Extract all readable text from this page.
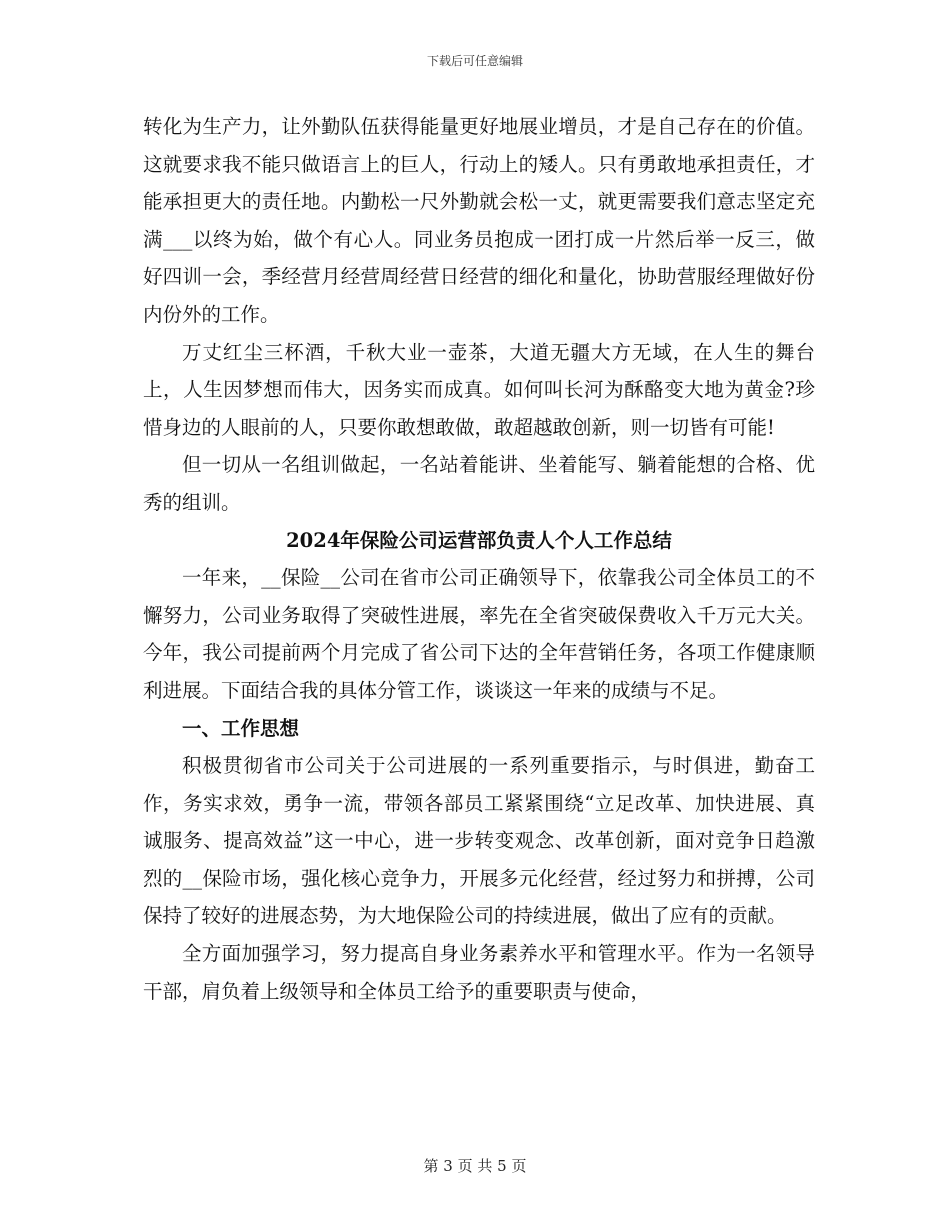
下载后可任意编辑

转化为生产力，让外勤队伍获得能量更好地展业增员，才是自己存在的价值。这就要求我不能只做语言上的巨人，行动上的矮人。只有勇敢地承担责任，才能承担更大的责任地。内勤松一尺外勤就会松一丈，就更需要我们意志坚定充满___以终为始，做个有心人。同业务员抱成一团打成一片然后举一反三，做好四训一会，季经营月经营周经营日经营的细化和量化，协助营服经理做好份内份外的工作。

万丈红尘三杯酒，千秋大业一壶茶，大道无疆大方无域，在人生的舞台上，人生因梦想而伟大，因务实而成真。如何叫长河为酥酪变大地为黄金?珍惜身边的人眼前的人，只要你敢想敢做，敢超越敢创新，则一切皆有可能!

但一切从一名组训做起，一名站着能讲、坐着能写、躺着能想的合格、优秀的组训。

2024年保险公司运营部负责人个人工作总结

一年来，__保险__公司在省市公司正确领导下，依靠我公司全体员工的不懈努力，公司业务取得了突破性进展，率先在全省突破保费收入千万元大关。今年，我公司提前两个月完成了省公司下达的全年营销任务，各项工作健康顺利进展。下面结合我的具体分管工作，谈谈这一年来的成绩与不足。

一、工作思想

积极贯彻省市公司关于公司进展的一系列重要指示，与时俱进，勤奋工作，务实求效，勇争一流，带领各部员工紧紧围绕“立足改革、加快进展、真诚服务、提高效益”这一中心，进一步转变观念、改革创新，面对竞争日趋激烈的__保险市场，强化核心竞争力，开展多元化经营，经过努力和拼搏，公司保持了较好的进展态势，为大地保险公司的持续进展，做出了应有的贡献。

全方面加强学习，努力提高自身业务素养水平和管理水平。作为一名领导干部，肩负着上级领导和全体员工给予的重要职责与使命，

第 3 页 共 5 页
